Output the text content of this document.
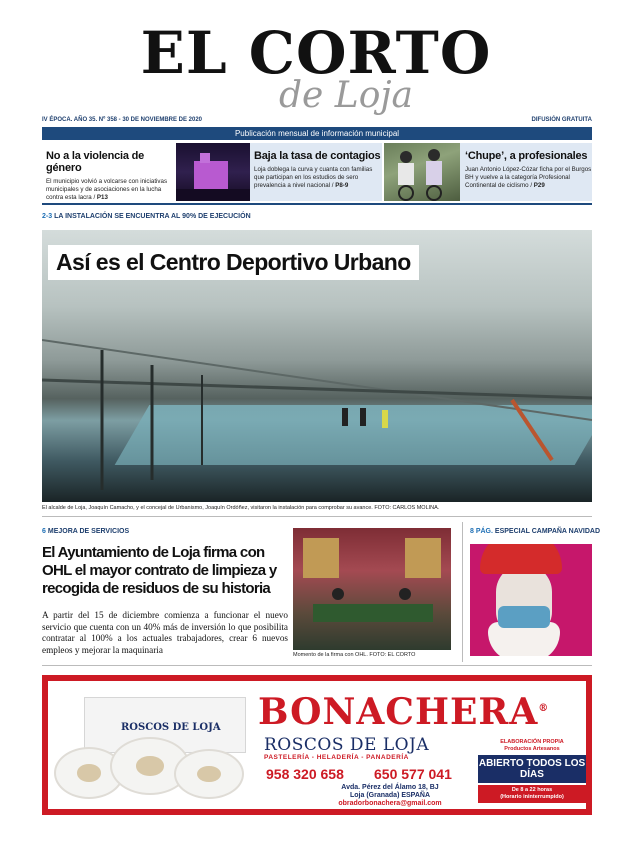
EL CORTO
de Loja
IV ÉPOCA. AÑO 35. Nº 358 - 30 DE NOVIEMBRE DE 2020	DIFUSIÓN GRATUITA
Publicación mensual de información municipal
No a la violencia de género

El municipio volvió a volcarse con iniciativas municipales y de asociaciones en la lucha contra esta lacra / P13

Baja la tasa de contagios

Loja doblega la curva y cuanta con familias que participan en los estudios de sero prevalencia a nivel nacional / P8-9

‘Chupe’, a profesionales

Juan Antonio López-Cózar ficha por el Burgos BH y vuelve a la categoría Profesional Continental de ciclismo / P29

2-3 LA INSTALACIÓN SE ENCUENTRA AL 90% DE EJECUCIÓN
Así es el Centro Deportivo Urbano
El alcalde de Loja, Joaquín Camacho, y el concejal de Urbanismo, Joaquín Ordóñez, visitaron la instalación para comprobar su avance. FOTO: CARLOS MOLINA.
6 MEJORA DE SERVICIOS
El Ayuntamiento de Loja firma con OHL el mayor contrato de limpieza y recogida de residuos de su historia
A partir del 15 de diciembre comienza a funcionar el nuevo servicio que cuenta con un 40% más de inversión lo que posibilita contratar al 100% a los actuales trabajadores, crear 6 nuevos empleos y mejorar la maquinaria
Momento de la firma con OHL. FOTO: EL CORTO
8 PÁG. ESPECIAL CAMPAÑA NAVIDAD
ROSCOS DE LOJA BONACHERA®
ROSCOS DE LOJA
PASTELERÍA - HELADERÍA - PANADERÍA
958 320 658 650 577 041
Avda. Pérez del Álamo 18, BJ
Loja (Granada) ESPAÑA
obradorbonachera@gmail.com
ELABORACIÓN PROPIA
Productos Artesanos
ABIERTO TODOS LOS DÍAS
De 8 a 22 horas
(Horario ininterrumpido)
